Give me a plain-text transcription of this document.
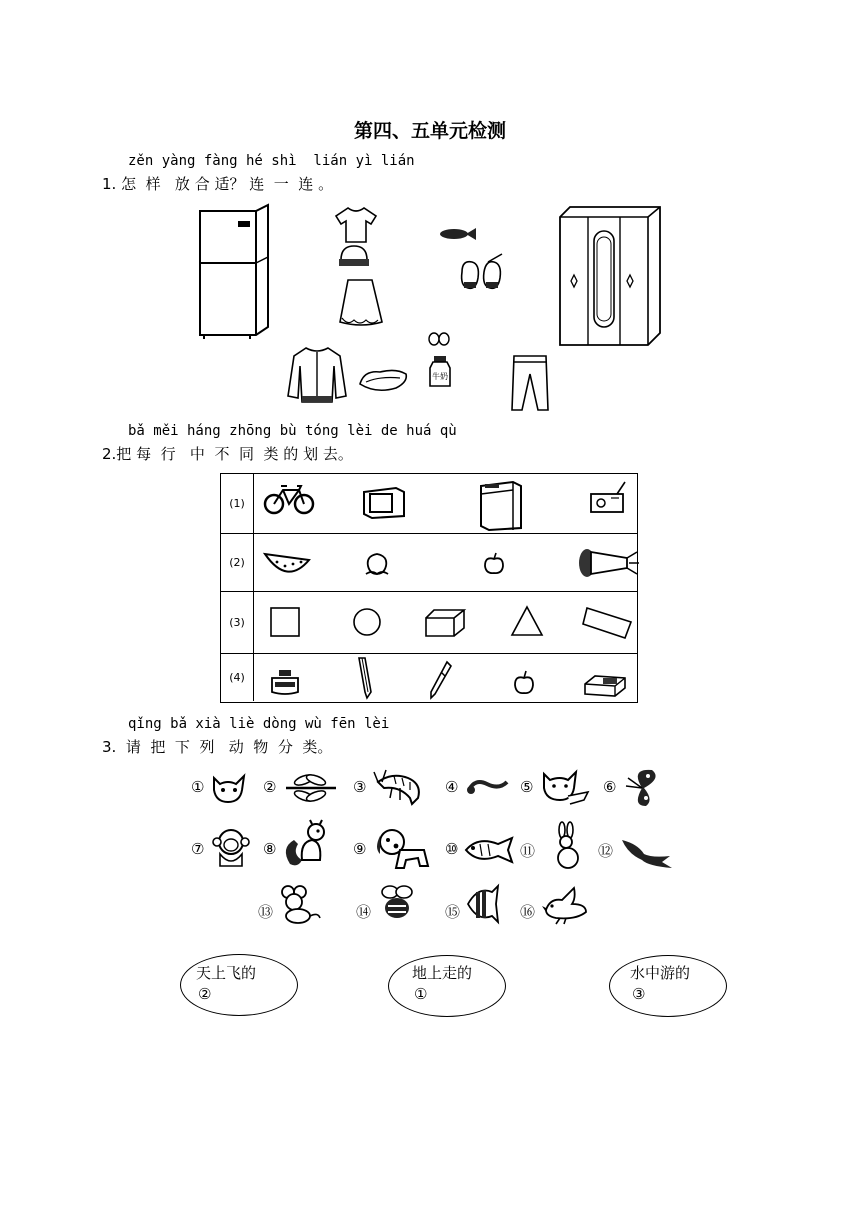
第四、五单元检测
zěn yàng fàng hé shì  lián yì lián
1. 怎  样   放 合 适？ 连  一  连 。
牛奶
bǎ měi háng zhōng bù tóng lèi de huá qù
2.把 每  行   中  不  同  类 的 划 去。
(1)
(2)
(3)
(4)
qǐng bǎ xià liè dòng wù fēn lèi
3.  请  把  下  列   动  物  分  类。
①	②	③	④	⑤	⑥
⑦	⑧	⑨	⑩	⑪	⑫
⑬	⑭	⑮	⑯
天上飞的
②
地上走的
①
水中游的
③
